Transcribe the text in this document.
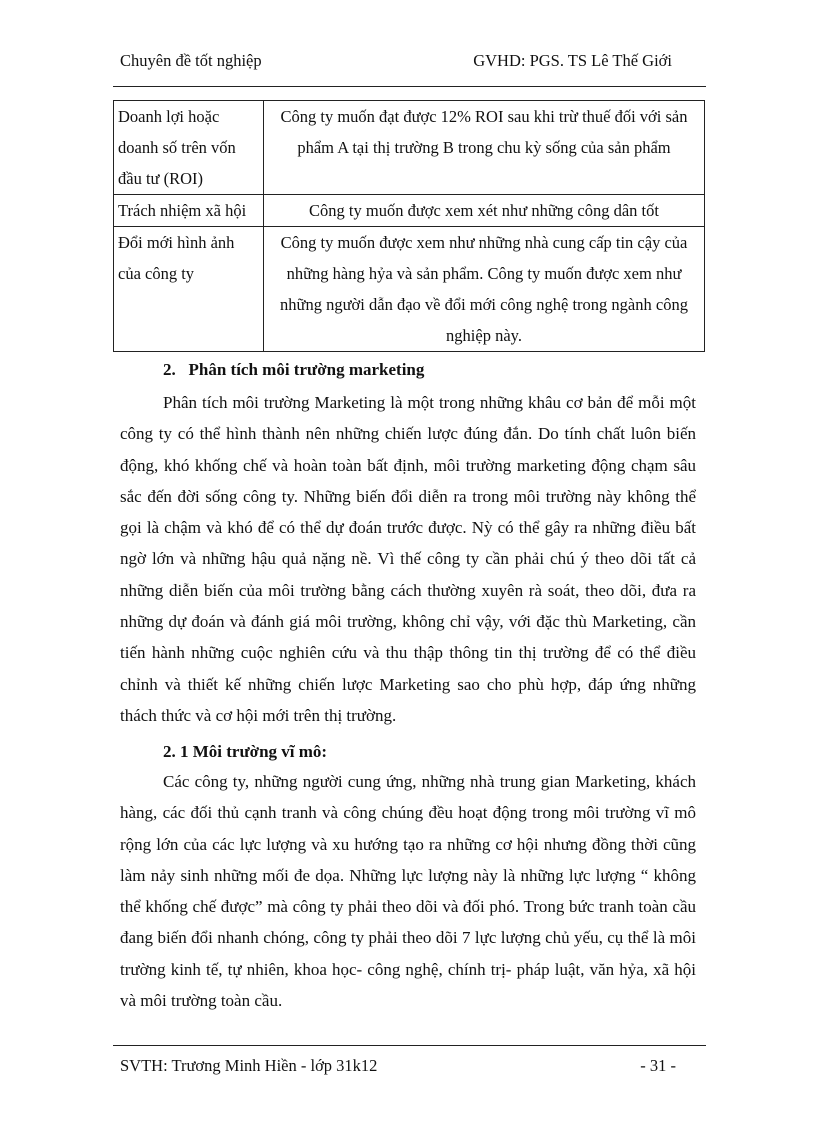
Chuyên đề tốt nghiệp	GVHD: PGS. TS Lê Thế Giới
Doanh lợi hoặc doanh số trên vốn đầu tư (ROI)	Công ty muốn đạt được 12% ROI sau khi trừ thuế đối với sản phẩm A tại thị trường B trong chu kỳ sống của sản phẩm
Trách nhiệm xã hội	Công ty muốn được xem xét như những công dân tốt
Đổi mới hình ảnh của công ty	Công ty muốn được xem như những nhà cung cấp tin cậy của những hàng hỷa và sản phẩm. Công ty muốn được xem như những người dẫn đạo về đổi mới công nghệ trong ngành công nghiệp này.
2.   Phân tích môi trường marketing

Phân tích môi trường Marketing là một trong những khâu cơ bản để mỗi một công ty có thể hình thành nên những chiến lược đúng đắn. Do tính chất luôn biến động, khó khống chế và hoàn toàn bất định, môi trường marketing động chạm sâu sắc đến đời sống công ty. Những biến đổi diễn ra trong môi trường này không thể gọi là chậm và khó để có thể dự đoán trước được. Nỳ có thể gây ra những điều bất ngờ lớn và những hậu quả nặng nề. Vì thế công ty cần phải chú ý theo dõi tất cả những diễn biến của môi trường bằng cách thường xuyên rà soát, theo dõi, đưa ra những dự đoán và đánh giá môi trường, không chỉ vậy, với đặc thù Marketing, cần tiến hành những cuộc nghiên cứu và thu thập thông tin thị trường để có thể điều chỉnh và thiết kế những chiến lược Marketing sao cho phù hợp, đáp ứng những thách thức và cơ hội mới trên thị trường.

2. 1 Môi trường vĩ mô:

Các công ty, những người cung ứng, những nhà trung gian Marketing, khách hàng, các đối thủ cạnh tranh và công chúng đều hoạt động trong môi trường vĩ mô rộng lớn của các lực lượng và xu hướng tạo ra những cơ hội nhưng đồng thời cũng làm nảy sinh những mối đe dọa. Những lực lượng này là những lực lượng “ không thể khống chế được” mà công ty phải theo dõi và đối phó. Trong bức tranh toàn cầu đang biến đổi nhanh chóng, công ty phải theo dõi 7 lực lượng chủ yếu, cụ thể là môi trường kinh tế, tự nhiên, khoa học- công nghệ, chính trị- pháp luật, văn hỷa, xã hội và môi trường toàn cầu.

SVTH: Trương Minh Hiền - lớp 31k12	- 31 -
